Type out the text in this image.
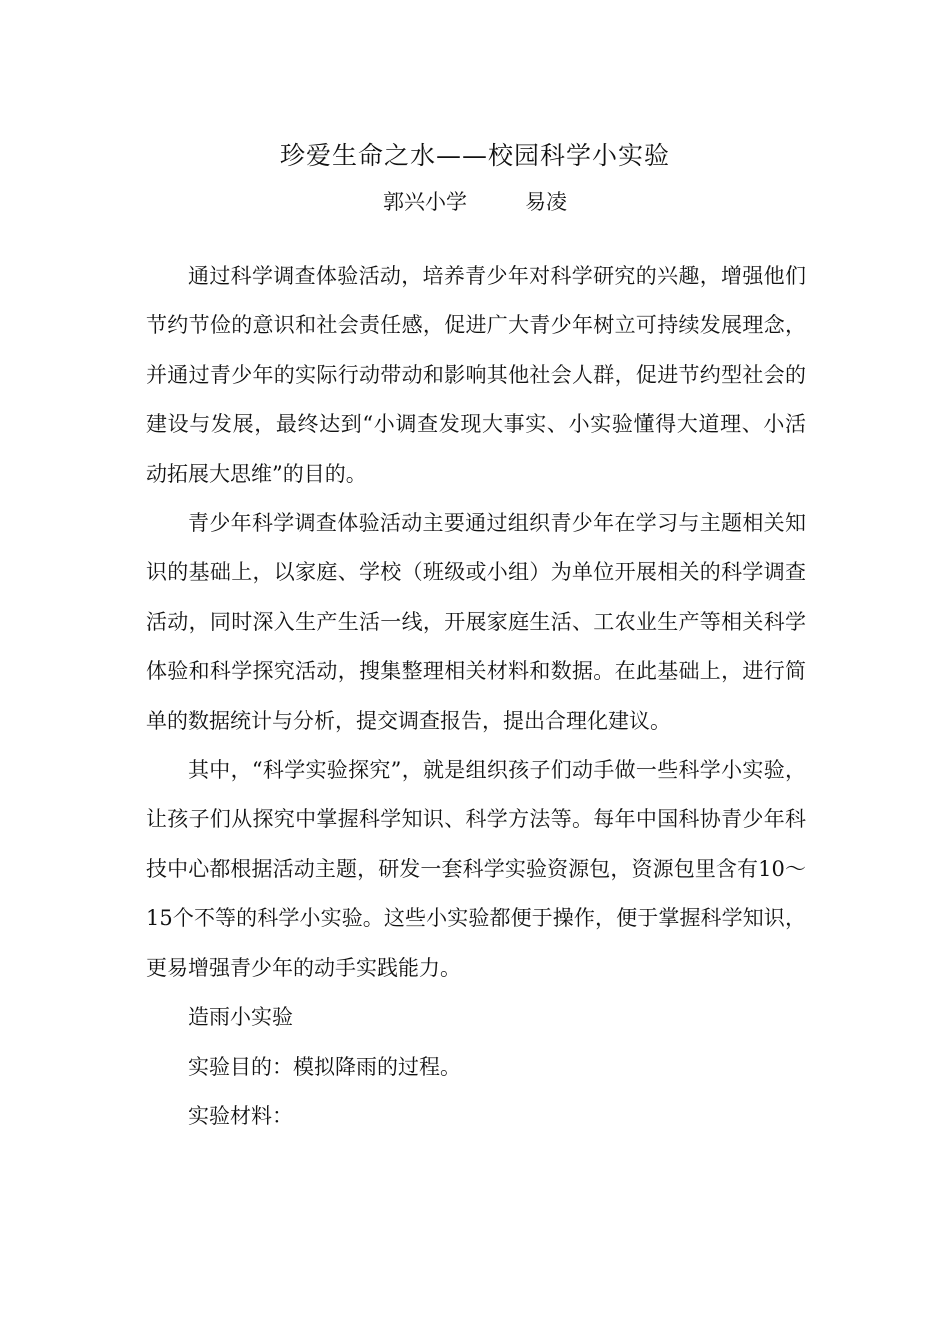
珍爱生命之水——校园科学小实验
郭兴小学	易凌

通过科学调查体验活动，培养青少年对科学研究的兴趣，增强他们节约节俭的意识和社会责任感，促进广大青少年树立可持续发展理念，并通过青少年的实际行动带动和影响其他社会人群，促进节约型社会的建设与发展，最终达到“小调查发现大事实、小实验懂得大道理、小活动拓展大思维”的目的。

青少年科学调查体验活动主要通过组织青少年在学习与主题相关知识的基础上，以家庭、学校（班级或小组）为单位开展相关的科学调查活动，同时深入生产生活一线，开展家庭生活、工农业生产等相关科学体验和科学探究活动，搜集整理相关材料和数据。在此基础上，进行简单的数据统计与分析，提交调查报告，提出合理化建议。

其中，“科学实验探究”，就是组织孩子们动手做一些科学小实验，让孩子们从探究中掌握科学知识、科学方法等。每年中国科协青少年科技中心都根据活动主题，研发一套科学实验资源包，资源包里含有10～15个不等的科学小实验。这些小实验都便于操作，便于掌握科学知识，更易增强青少年的动手实践能力。

造雨小实验

实验目的：模拟降雨的过程。

实验材料：
